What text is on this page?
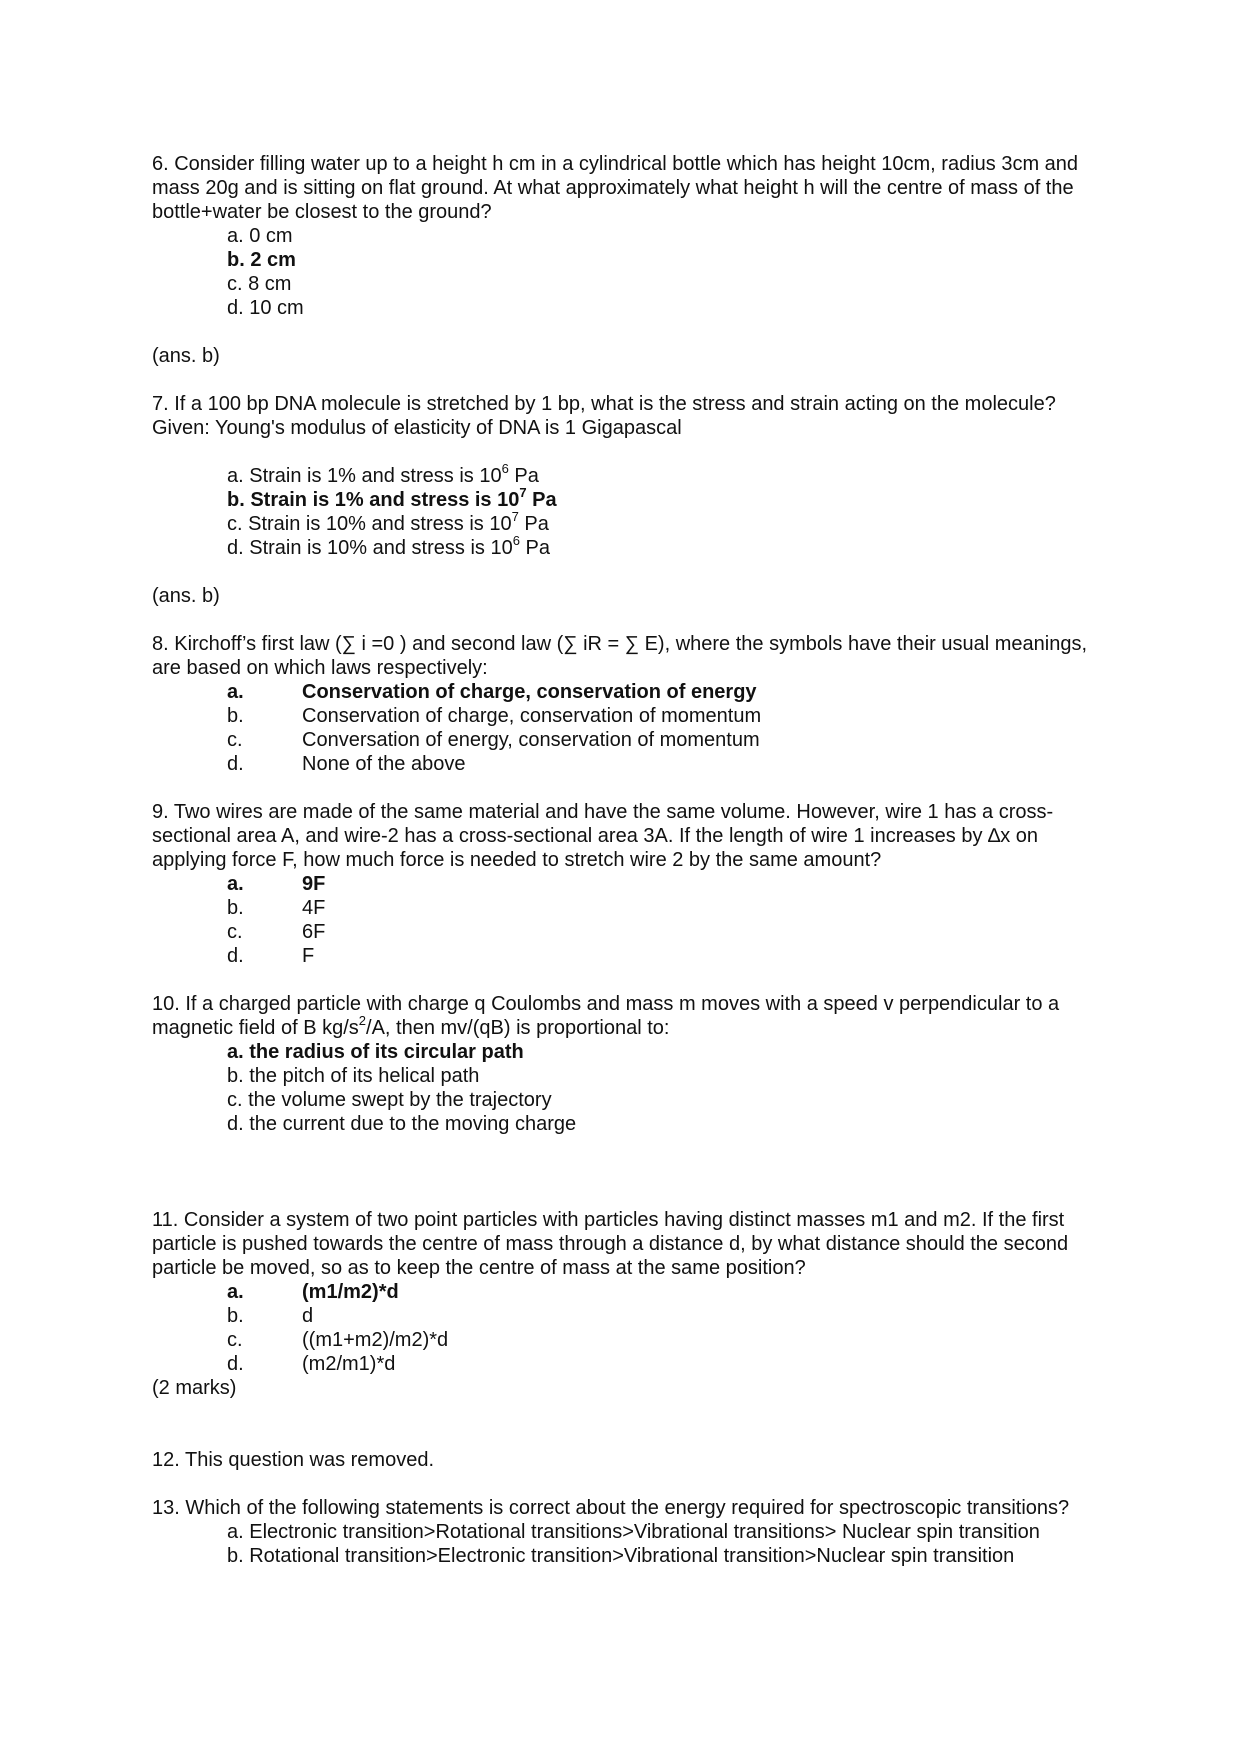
6. Consider filling water up to a height h cm in a cylindrical bottle which has height 10cm, radius 3cm and mass 20g and is sitting on flat ground. At what approximately what height h will the centre of mass of the bottle+water be closest to the ground?

a. 0 cm
b. 2 cm
c. 8 cm
d. 10 cm

(ans. b)

7. If a 100 bp DNA molecule is stretched by 1 bp, what is the stress and strain acting on the molecule? Given: Young's modulus of elasticity of DNA is 1 Gigapascal

a. Strain is 1% and stress is $10^6$ Pa
b. Strain is 1% and stress is $10^7$ Pa
c. Strain is 10% and stress is $10^7$ Pa
d. Strain is 10% and stress is $10^6$ Pa

(ans. b)

8. Kirchoff’s first law (∑ i =0 ) and second law (∑ iR = ∑ E), where the symbols have their usual meanings, are based on which laws respectively:

a.	Conservation of charge, conservation of energy
b.	Conservation of charge, conservation of momentum
c.	Conversation of energy, conservation of momentum
d.	None of the above

9. Two wires are made of the same material and have the same volume. However, wire 1 has a cross-sectional area A, and wire-2 has a cross-sectional area 3A. If the length of wire 1 increases by ∆x on applying force F, how much force is needed to stretch wire 2 by the same amount?

a.	9F
b.	4F
c.	6F
d.	F

10. If a charged particle with charge q Coulombs and mass m moves with a speed v perpendicular to a magnetic field of B $kg/s^2/A$, then mv/(qB) is proportional to:

a. the radius of its circular path
b. the pitch of its helical path
c. the volume swept by the trajectory
d. the current due to the moving charge

11. Consider a system of two point particles with particles having distinct masses m1 and m2. If the first particle is pushed towards the centre of mass through a distance d, by what distance should the second particle be moved, so as to keep the centre of mass at the same position?

a.	(m1/m2)*d
b.	d
c.	((m1+m2)/m2)*d
d.	(m2/m1)*d

(2 marks)

12. This question was removed.

13. Which of the following statements is correct about the energy required for spectroscopic transitions?

a. Electronic transition>Rotational transitions>Vibrational transitions> Nuclear spin transition
b. Rotational transition>Electronic transition>Vibrational transition>Nuclear spin transition
